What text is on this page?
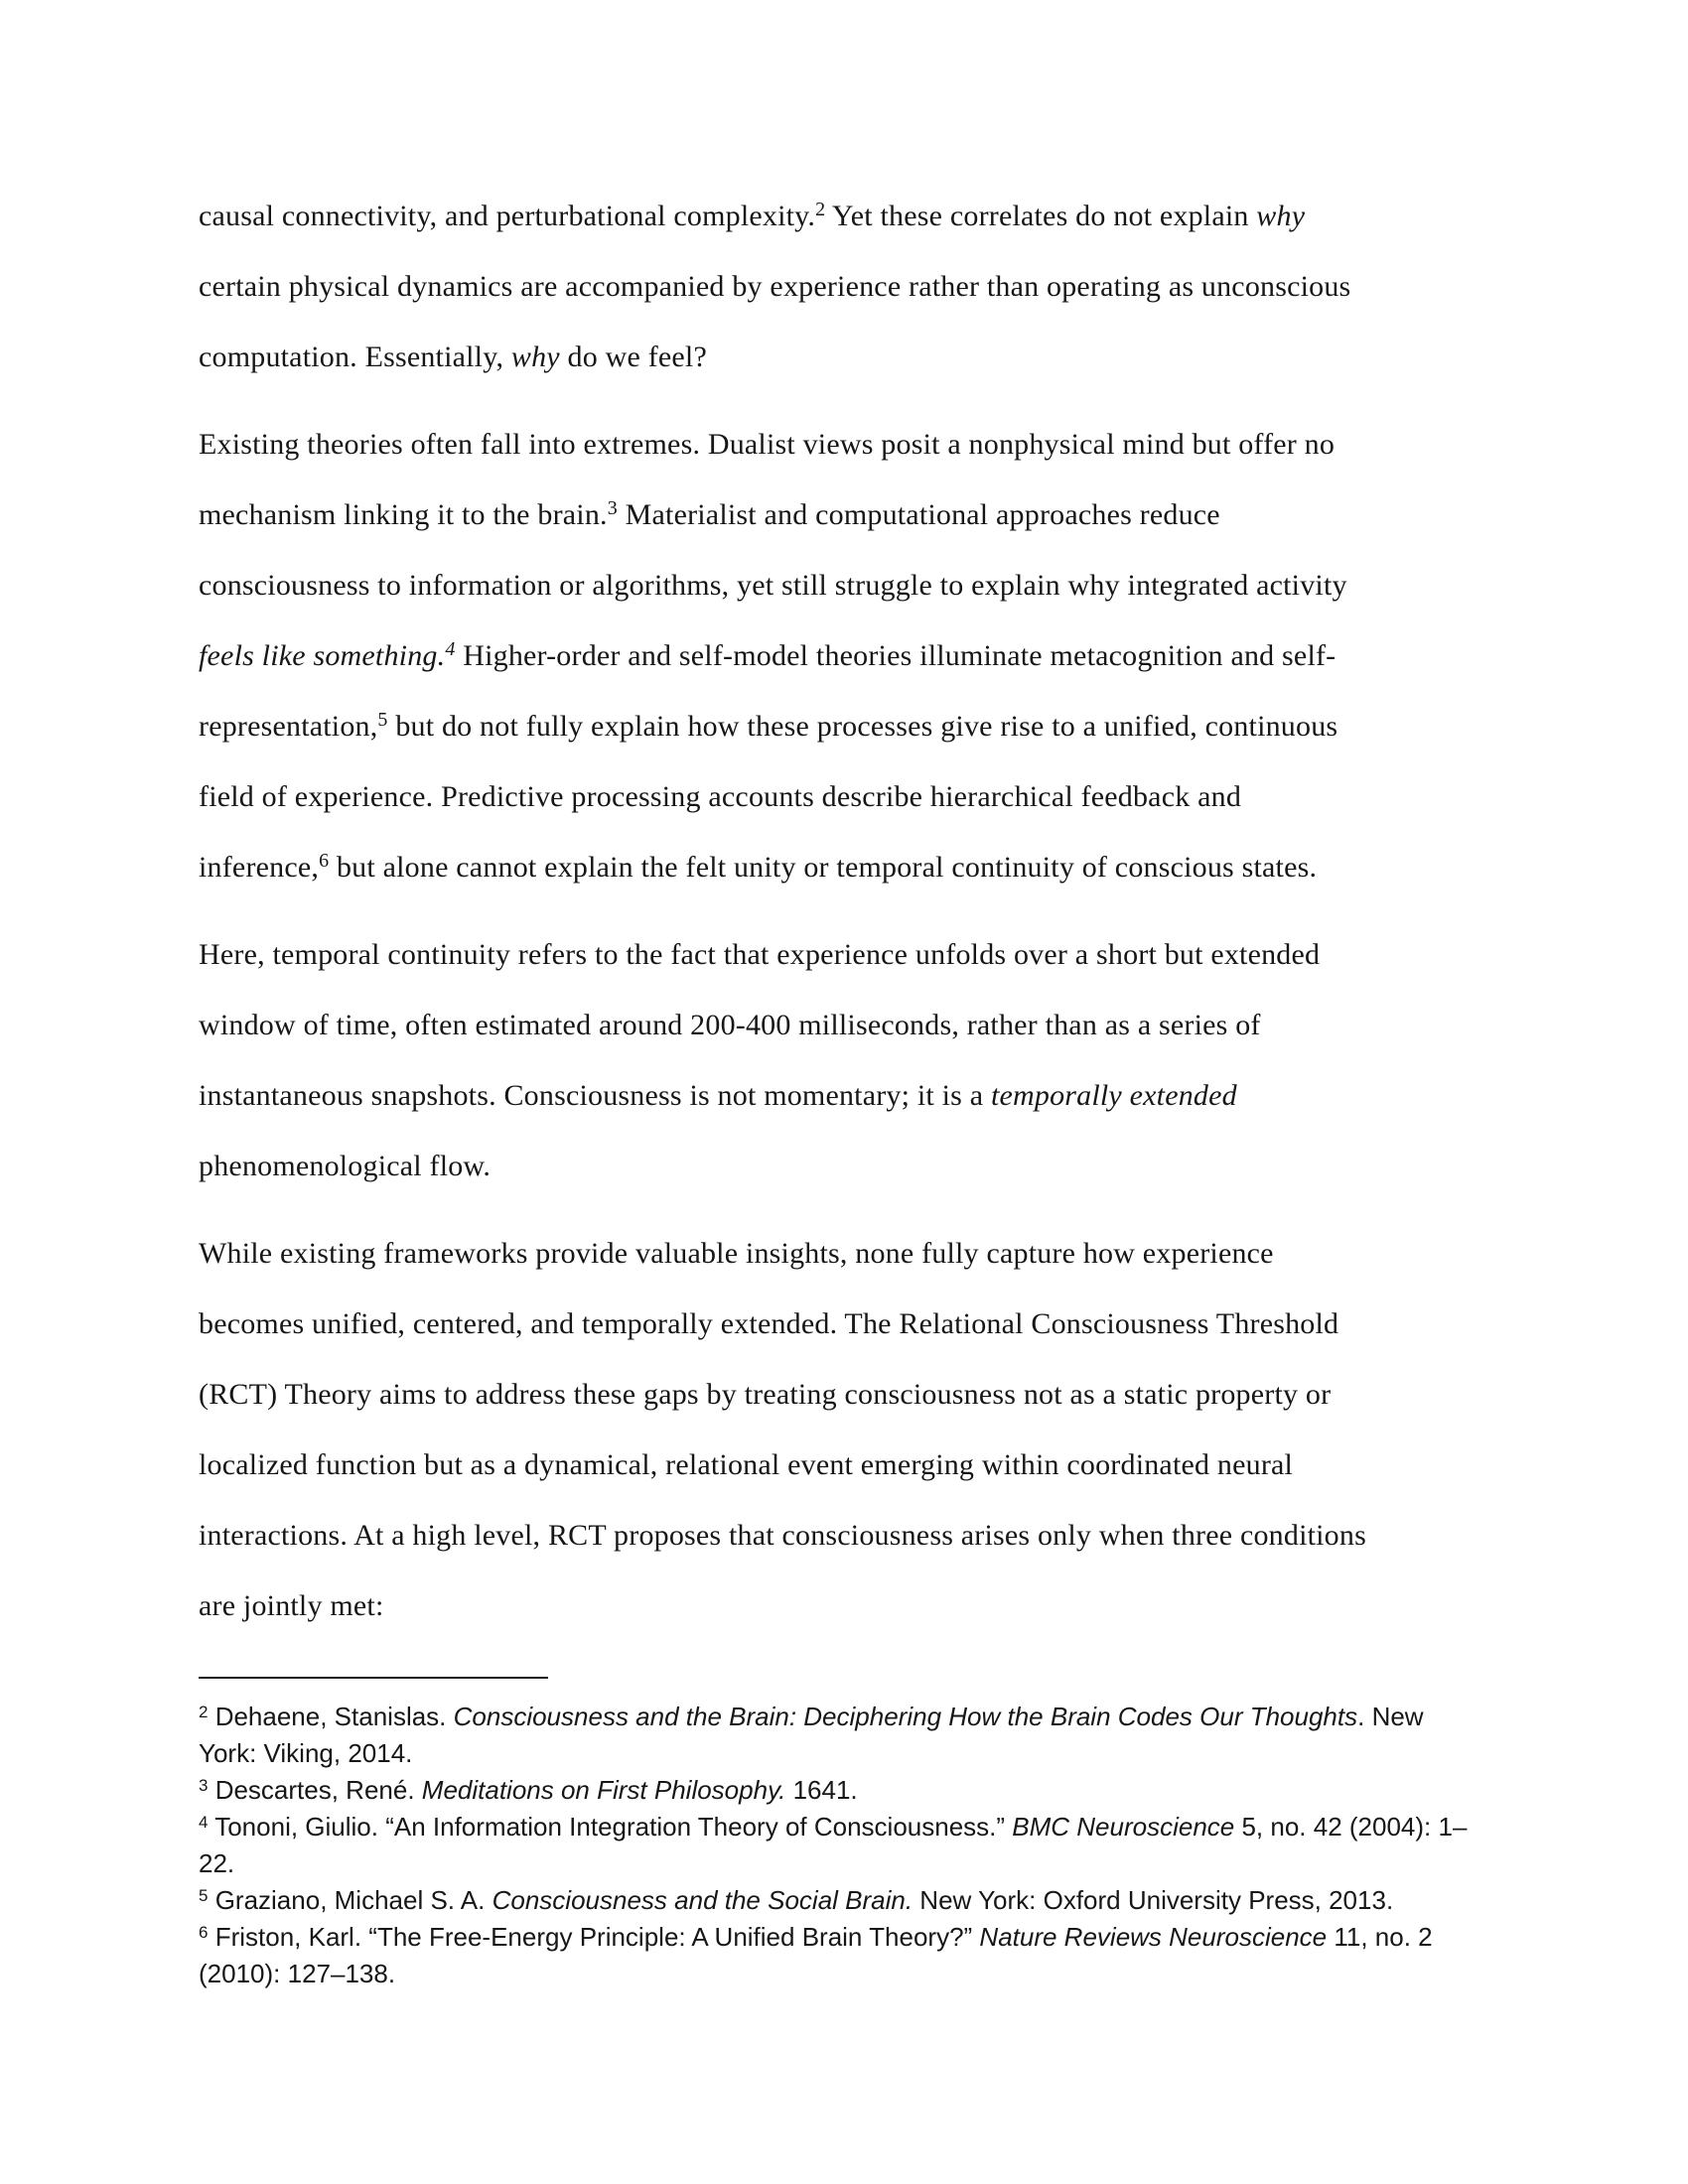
causal connectivity, and perturbational complexity.$^2$ Yet these correlates do not explain why
certain physical dynamics are accompanied by experience rather than operating as unconscious
computation. Essentially, why do we feel?
Existing theories often fall into extremes. Dualist views posit a nonphysical mind but offer no
mechanism linking it to the brain.$^3$ Materialist and computational approaches reduce
consciousness to information or algorithms, yet still struggle to explain why integrated activity
feels like something.$^4$ Higher-order and self-model theories illuminate metacognition and self-
representation,$^5$ but do not fully explain how these processes give rise to a unified, continuous
field of experience. Predictive processing accounts describe hierarchical feedback and
inference,$^6$ but alone cannot explain the felt unity or temporal continuity of conscious states.
Here, temporal continuity refers to the fact that experience unfolds over a short but extended
window of time, often estimated around 200-400 milliseconds, rather than as a series of
instantaneous snapshots. Consciousness is not momentary; it is a temporally extended
phenomenological flow.
While existing frameworks provide valuable insights, none fully capture how experience
becomes unified, centered, and temporally extended. The Relational Consciousness Threshold
(RCT) Theory aims to address these gaps by treating consciousness not as a static property or
localized function but as a dynamical, relational event emerging within coordinated neural
interactions. At a high level, RCT proposes that consciousness arises only when three conditions
are jointly met:
$^2$ Dehaene, Stanislas. Consciousness and the Brain: Deciphering How the Brain Codes Our Thoughts. New
York: Viking, 2014.
$^3$ Descartes, René. Meditations on First Philosophy. 1641.
$^4$ Tononi, Giulio. “An Information Integration Theory of Consciousness.” BMC Neuroscience 5, no. 42 (2004): 1–
22.
$^5$ Graziano, Michael S. A. Consciousness and the Social Brain. New York: Oxford University Press, 2013.
$^6$ Friston, Karl. “The Free-Energy Principle: A Unified Brain Theory?” Nature Reviews Neuroscience 11, no. 2
(2010): 127–138.
